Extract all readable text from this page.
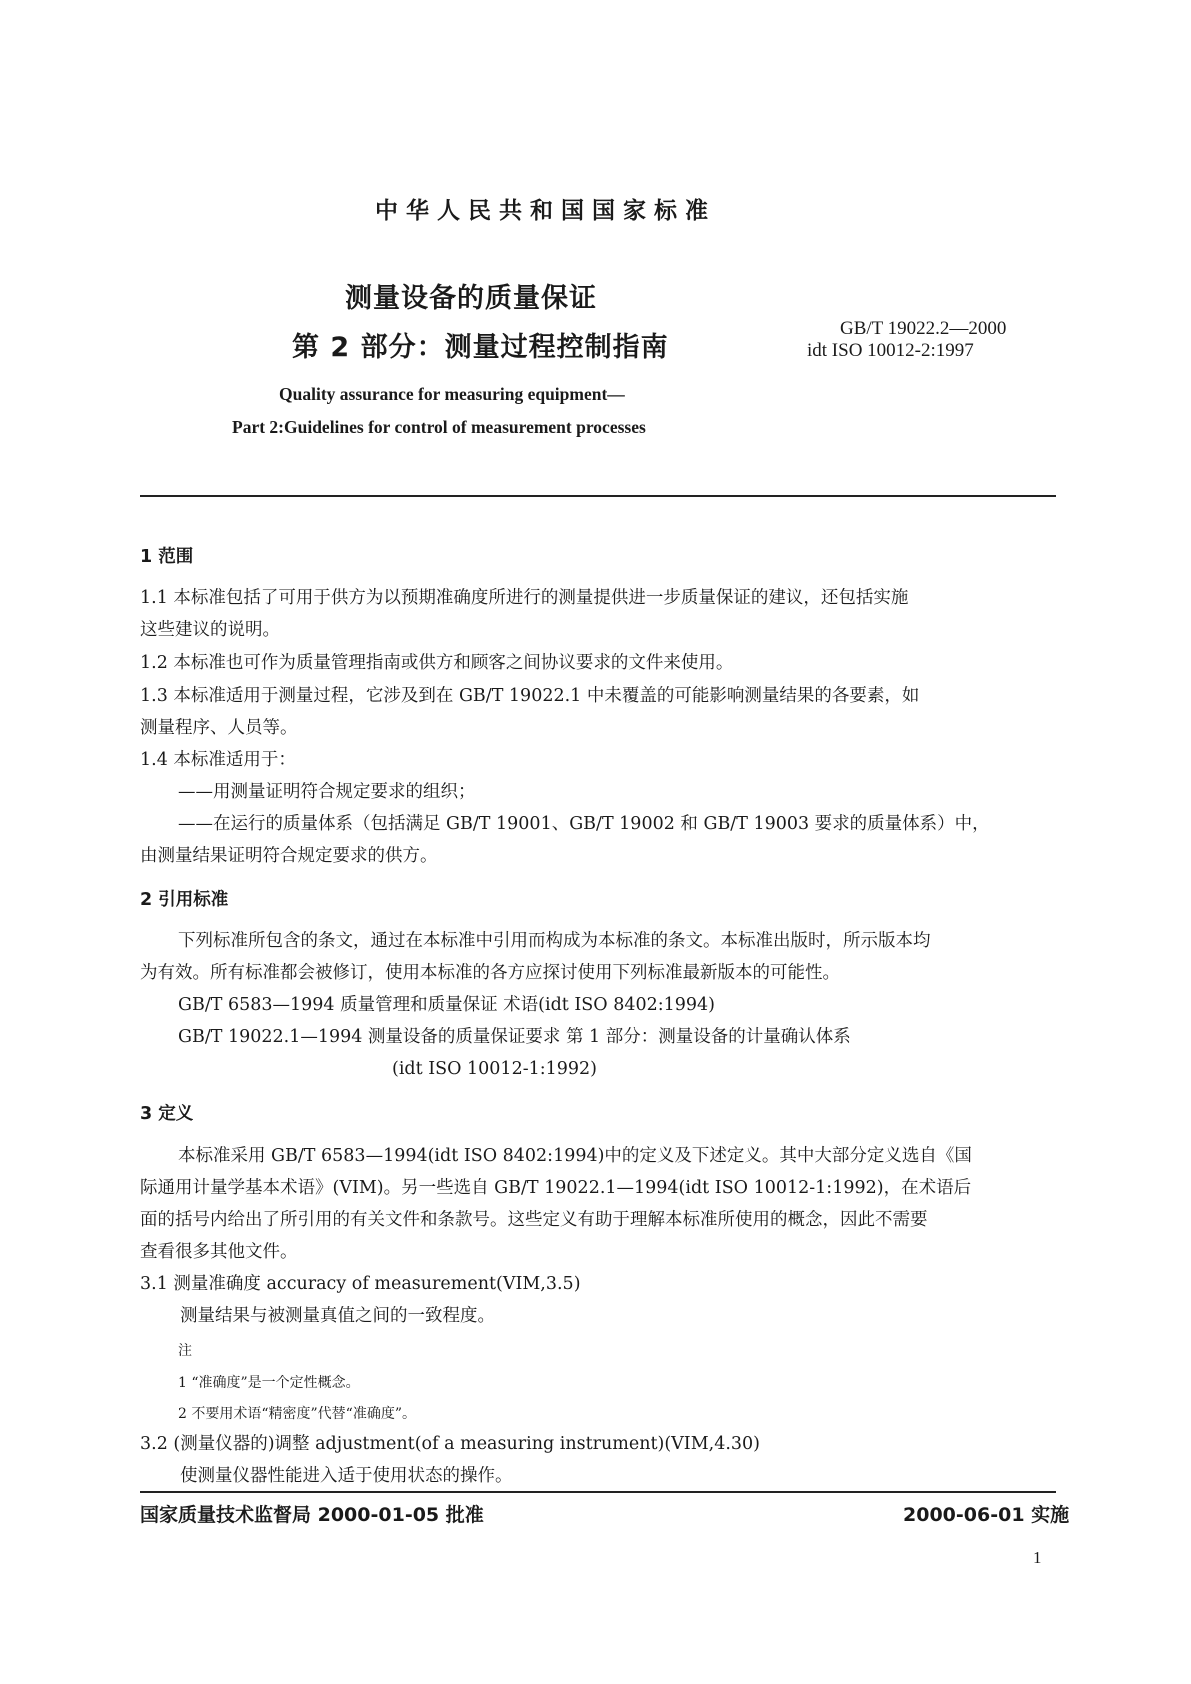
中华人民共和国国家标准
测量设备的质量保证
第 2 部分：测量过程控制指南
GB/T 19022.2—2000
idt ISO 10012-2:1997
Quality assurance for measuring equipment—
Part 2:Guidelines for control of measurement processes
1 范围
1.1 本标准包括了可用于供方为以预期准确度所进行的测量提供进一步质量保证的建议，还包括实施
这些建议的说明。
1.2 本标准也可作为质量管理指南或供方和顾客之间协议要求的文件来使用。
1.3 本标准适用于测量过程，它涉及到在 GB/T 19022.1 中未覆盖的可能影响测量结果的各要素，如
测量程序、人员等。
1.4 本标准适用于：
——用测量证明符合规定要求的组织；
——在运行的质量体系（包括满足 GB/T 19001、GB/T 19002 和 GB/T 19003 要求的质量体系）中，
由测量结果证明符合规定要求的供方。
2 引用标准
下列标准所包含的条文，通过在本标准中引用而构成为本标准的条文。本标准出版时，所示版本均
为有效。所有标准都会被修订，使用本标准的各方应探讨使用下列标准最新版本的可能性。
GB/T 6583—1994 质量管理和质量保证 术语(idt ISO 8402:1994)
GB/T 19022.1—1994 测量设备的质量保证要求 第 1 部分：测量设备的计量确认体系
(idt ISO 10012-1:1992)
3 定义
本标准采用 GB/T 6583—1994(idt ISO 8402:1994)中的定义及下述定义。其中大部分定义选自《国
际通用计量学基本术语》(VIM)。另一些选自 GB/T 19022.1—1994(idt ISO 10012-1:1992)，在术语后
面的括号内给出了所引用的有关文件和条款号。这些定义有助于理解本标准所使用的概念，因此不需要
查看很多其他文件。
3.1 测量准确度 accuracy of measurement(VIM,3.5)
测量结果与被测量真值之间的一致程度。
注
1 “准确度”是一个定性概念。
2 不要用术语“精密度”代替“准确度”。
3.2 (测量仪器的)调整 adjustment(of a measuring instrument)(VIM,4.30)
使测量仪器性能进入适于使用状态的操作。
国家质量技术监督局 2000-01-05 批准	2000-06-01 实施
1
